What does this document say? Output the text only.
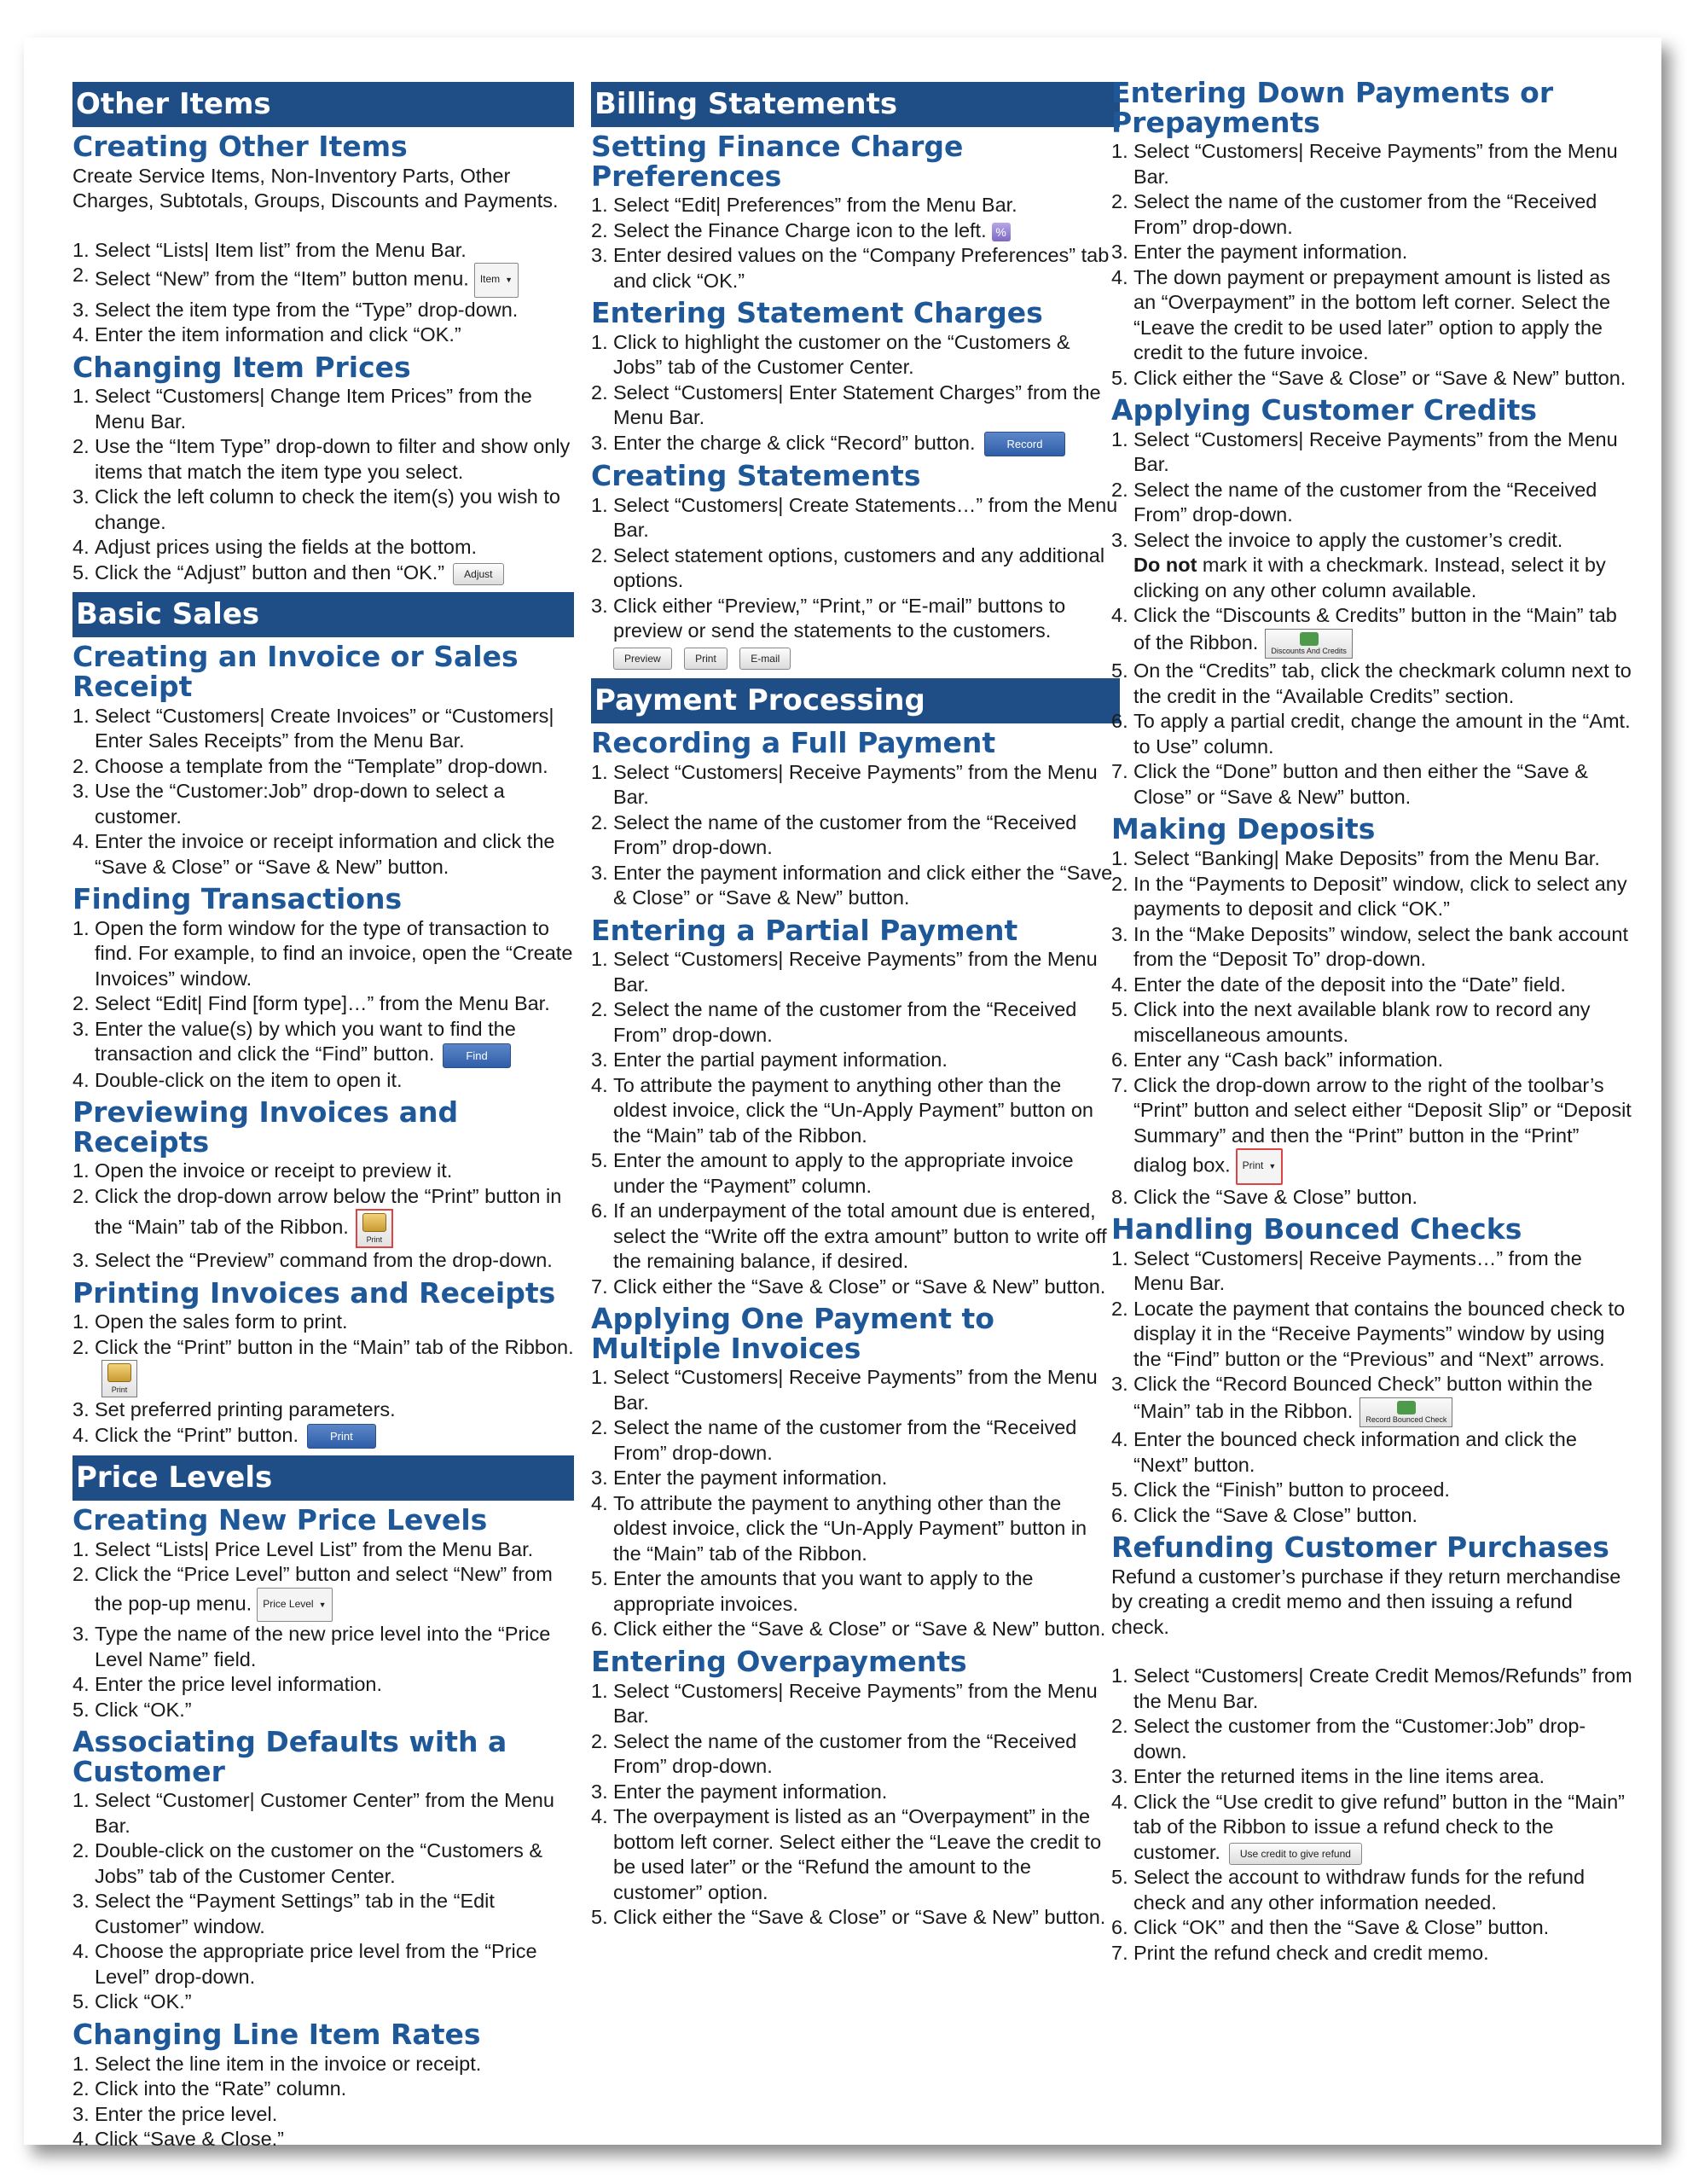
Other Items
Creating Other Items

Create Service Items, Non-Inventory Parts, Other Charges, Subtotals, Groups, Discounts and Payments.

Select “Lists| Item list” from the Menu Bar.
Select “New” from the “Item” button menu. Item ▼
Select the item type from the “Type” drop-down.
Enter the item information and click “OK.”
Changing Item Prices
Select “Customers| Change Item Prices” from the Menu Bar.
Use the “Item Type” drop-down to filter and show only items that match the item type you select.
Click the left column to check the item(s) you wish to change.
Adjust prices using the fields at the bottom.
Click the “Adjust” button and then “OK.” Adjust
Basic Sales
Creating an Invoice or Sales Receipt
Select “Customers| Create Invoices” or “Customers| Enter Sales Receipts” from the Menu Bar.
Choose a template from the “Template” drop-down.
Use the “Customer:Job” drop-down to select a customer.
Enter the invoice or receipt information and click the “Save & Close” or “Save & New” button.
Finding Transactions
Open the form window for the type of transaction to find. For example, to find an invoice, open the “Create Invoices” window.
Select “Edit| Find [form type]…” from the Menu Bar.
Enter the value(s) by which you want to find the transaction and click the “Find” button.	Find
Double-click on the item to open it.
Previewing Invoices and Receipts
Open the invoice or receipt to preview it.
Click the drop-down arrow below the “Print” button in the “Main” tab of the Ribbon.
Print
Select the “Preview” command from the drop-down.
Printing Invoices and Receipts
Open the sales form to print.
Click the “Print” button in the “Main” tab of the Ribbon.
Print
Set preferred printing parameters.
Click the “Print” button.	Print
Price Levels
Creating New Price Levels
Select “Lists| Price Level List” from the Menu Bar.
Click the “Price Level” button and select “New” from the pop-up menu. Price Level ▼
Type the name of the new price level into the “Price Level Name” field.
Enter the price level information.
Click “OK.”
Associating Defaults with a Customer
Select “Customer| Customer Center” from the Menu Bar.
Double-click on the customer on the “Customers & Jobs” tab of the Customer Center.
Select the “Payment Settings” tab in the “Edit Customer” window.
Choose the appropriate price level from the “Price Level” drop-down.
Click “OK.”
Changing Line Item Rates
Select the line item in the invoice or receipt.
Click into the “Rate” column.
Enter the price level.
Click “Save & Close.”
Billing Statements
Setting Finance Charge Preferences
Select “Edit| Preferences” from the Menu Bar.
Select the Finance Charge icon to the left. %
Enter desired values on the “Company Preferences” tab and click “OK.”
Entering Statement Charges
Click to highlight the customer on the “Customers & Jobs” tab of the Customer Center.
Select “Customers| Enter Statement Charges” from the Menu Bar.
Enter the charge & click “Record” button.	Record
Creating Statements
Select “Customers| Create Statements…” from the Menu Bar.
Select statement options, customers and any additional options.
Click either “Preview,” “Print,” or “E-mail” buttons to preview or send the statements to the customers.
Preview	Print	E-mail
Payment Processing
Recording a Full Payment
Select “Customers| Receive Payments” from the Menu Bar.
Select the name of the customer from the “Received From” drop-down.
Enter the payment information and click either the “Save & Close” or “Save & New” button.
Entering a Partial Payment
Select “Customers| Receive Payments” from the Menu Bar.
Select the name of the customer from the “Received From” drop-down.
Enter the partial payment information.
To attribute the payment to anything other than the oldest invoice, click the “Un-Apply Payment” button on the “Main” tab of the Ribbon.
Enter the amount to apply to the appropriate invoice under the “Payment” column.
If an underpayment of the total amount due is entered, select the “Write off the extra amount” button to write off the remaining balance, if desired.
Click either the “Save & Close” or “Save & New” button.
Applying One Payment to Multiple Invoices
Select “Customers| Receive Payments” from the Menu Bar.
Select the name of the customer from the “Received From” drop-down.
Enter the payment information.
To attribute the payment to anything other than the oldest invoice, click the “Un-Apply Payment” button in the “Main” tab of the Ribbon.
Enter the amounts that you want to apply to the appropriate invoices.
Click either the “Save & Close” or “Save & New” button.
Entering Overpayments
Select “Customers| Receive Payments” from the Menu Bar.
Select the name of the customer from the “Received From” drop-down.
Enter the payment information.
The overpayment is listed as an “Overpayment” in the bottom left corner. Select either the “Leave the credit to be used later” or the “Refund the amount to the customer” option.
Click either the “Save & Close” or “Save & New” button.
Entering Down Payments or Prepayments
Select “Customers| Receive Payments” from the Menu Bar.
Select the name of the customer from the “Received From” drop-down.
Enter the payment information.
The down payment or prepayment amount is listed as an “Overpayment” in the bottom left corner. Select the “Leave the credit to be used later” option to apply the credit to the future invoice.
Click either the “Save & Close” or “Save & New” button.
Applying Customer Credits
Select “Customers| Receive Payments” from the Menu Bar.
Select the name of the customer from the “Received From” drop-down.
Select the invoice to apply the customer’s credit.
Do not mark it with a checkmark. Instead, select it by clicking on any other column available.
Click the “Discounts & Credits” button in the “Main” tab of the Ribbon. Discounts And Credits
On the “Credits” tab, click the checkmark column next to the credit in the “Available Credits” section.
To apply a partial credit, change the amount in the “Amt. to Use” column.
Click the “Done” button and then either the “Save & Close” or “Save & New” button.
Making Deposits
Select “Banking| Make Deposits” from the Menu Bar.
In the “Payments to Deposit” window, click to select any payments to deposit and click “OK.”
In the “Make Deposits” window, select the bank account from the “Deposit To” drop-down.
Enter the date of the deposit into the “Date” field.
Click into the next available blank row to record any miscellaneous amounts.
Enter any “Cash back” information.
Click the drop-down arrow to the right of the toolbar’s “Print” button and select either “Deposit Slip” or “Deposit Summary” and then the “Print” button in the “Print” dialog box. Print ▼
Click the “Save & Close” button.
Handling Bounced Checks
Select “Customers| Receive Payments…” from the Menu Bar.
Locate the payment that contains the bounced check to display it in the “Receive Payments” window by using the “Find” button or the “Previous” and “Next” arrows.
Click the “Record Bounced Check” button within the “Main” tab in the Ribbon. Record Bounced Check
Enter the bounced check information and click the “Next” button.
Click the “Finish” button to proceed.
Click the “Save & Close” button.
Refunding Customer Purchases

Refund a customer’s purchase if they return merchandise by creating a credit memo and then issuing a refund check.

Select “Customers| Create Credit Memos/Refunds” from the Menu Bar.
Select the customer from the “Customer:Job” drop-down.
Enter the returned items in the line items area.
Click the “Use credit to give refund” button in the “Main” tab of the Ribbon to issue a refund check to the customer. Use credit to give refund
Select the account to withdraw funds for the refund check and any other information needed.
Click “OK” and then the “Save & Close” button.
Print the refund check and credit memo.
